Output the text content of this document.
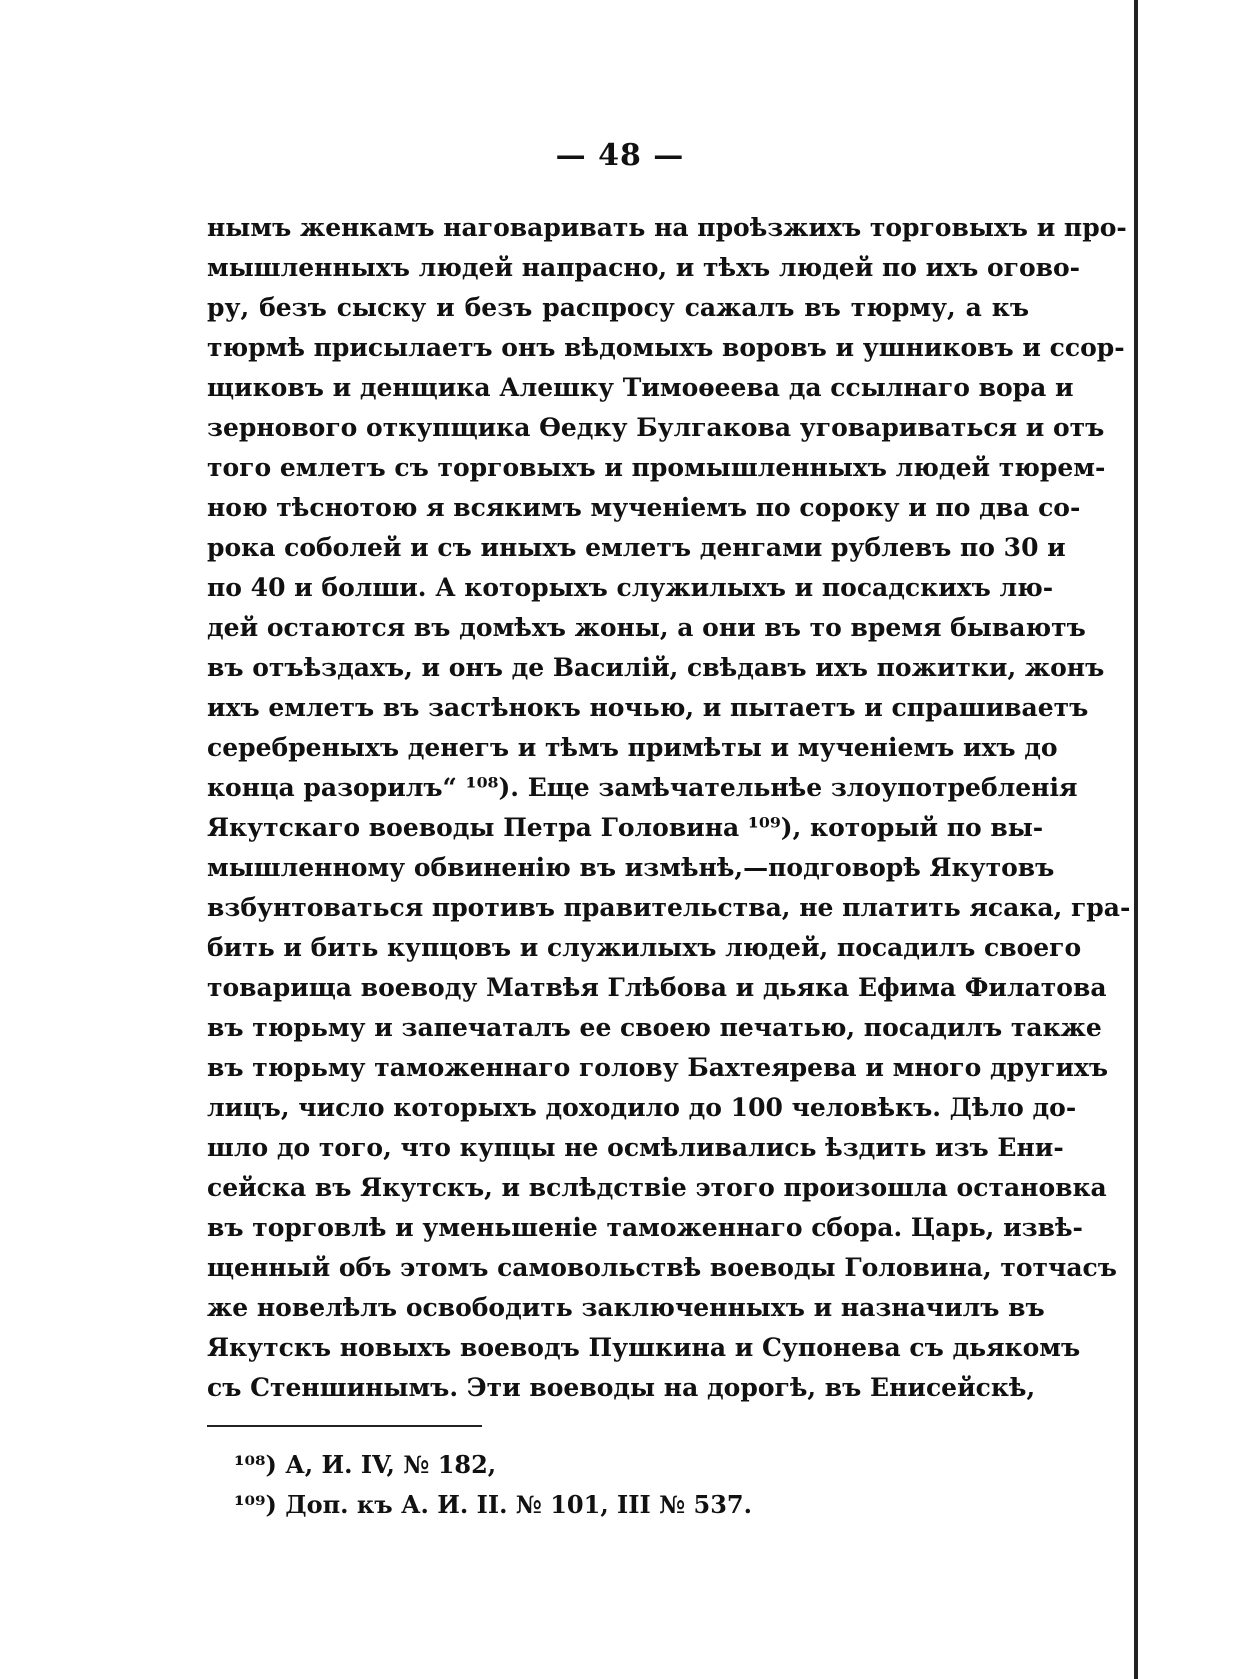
— 48 —
нымъ женкамъ наговаривать на проѣзжихъ торговыхъ и про-
мышленныхъ людей напрасно, и тѣхъ людей по ихъ огово-
ру, безъ сыску и безъ распросу сажалъ въ тюрму, а къ
тюрмѣ присылаетъ онъ вѣдомыхъ воровъ и ушниковъ и ссор-
щиковъ и денщика Алешку Тимоѳеева да ссылнаго вора и
зернового откупщика Ѳедку Булгакова уговариваться и отъ
того емлетъ съ торговыхъ и промышленныхъ людей тюрем-
ною тѣснотою я всякимъ мученіемъ по сороку и по два со-
рока соболей и съ иныхъ емлетъ денгами рублевъ по 30 и
по 40 и болши. А которыхъ служилыхъ и посадскихъ лю-
дей остаются въ домѣхъ жоны, а они въ то время бываютъ
въ отъѣздахъ, и онъ де Василій, свѣдавъ ихъ пожитки, жонъ
ихъ емлетъ въ застѣнокъ ночью, и пытаетъ и спрашиваетъ
серебреныхъ денегъ и тѣмъ примѣты и мученіемъ ихъ до
конца разорилъ“ ¹⁰⁸). Еще замѣчательнѣе злоупотребленія
Якутскаго воеводы Петра Головина ¹⁰⁹), который по вы-
мышленному обвиненію въ измѣнѣ,—подговорѣ Якутовъ
взбунтоваться противъ правительства, не платить ясака, гра-
бить и бить купцовъ и служилыхъ людей, посадилъ своего
товарища воеводу Матвѣя Глѣбова и дьяка Ефима Филатова
въ тюрьму и запечаталъ ее своею печатью, посадилъ также
въ тюрьму таможеннаго голову Бахтеярева и много другихъ
лицъ, число которыхъ доходило до 100 человѣкъ. Дѣло до-
шло до того, что купцы не осмѣливались ѣздить изъ Ени-
сейска въ Якутскъ, и вслѣдствіе этого произошла остановка
въ торговлѣ и уменьшеніе таможеннаго сбора. Царь, извѣ-
щенный объ этомъ самовольствѣ воеводы Головина, тотчасъ
же новелѣлъ освободить заключенныхъ и назначилъ въ
Якутскъ новыхъ воеводъ Пушкина и Супонева съ дьякомъ
съ Стеншинымъ. Эти воеводы на дорогѣ, въ Енисейскѣ,
¹⁰⁸) А, И. IV, № 182,
¹⁰⁹) Доп. къ А. И. II. № 101, III № 537.
